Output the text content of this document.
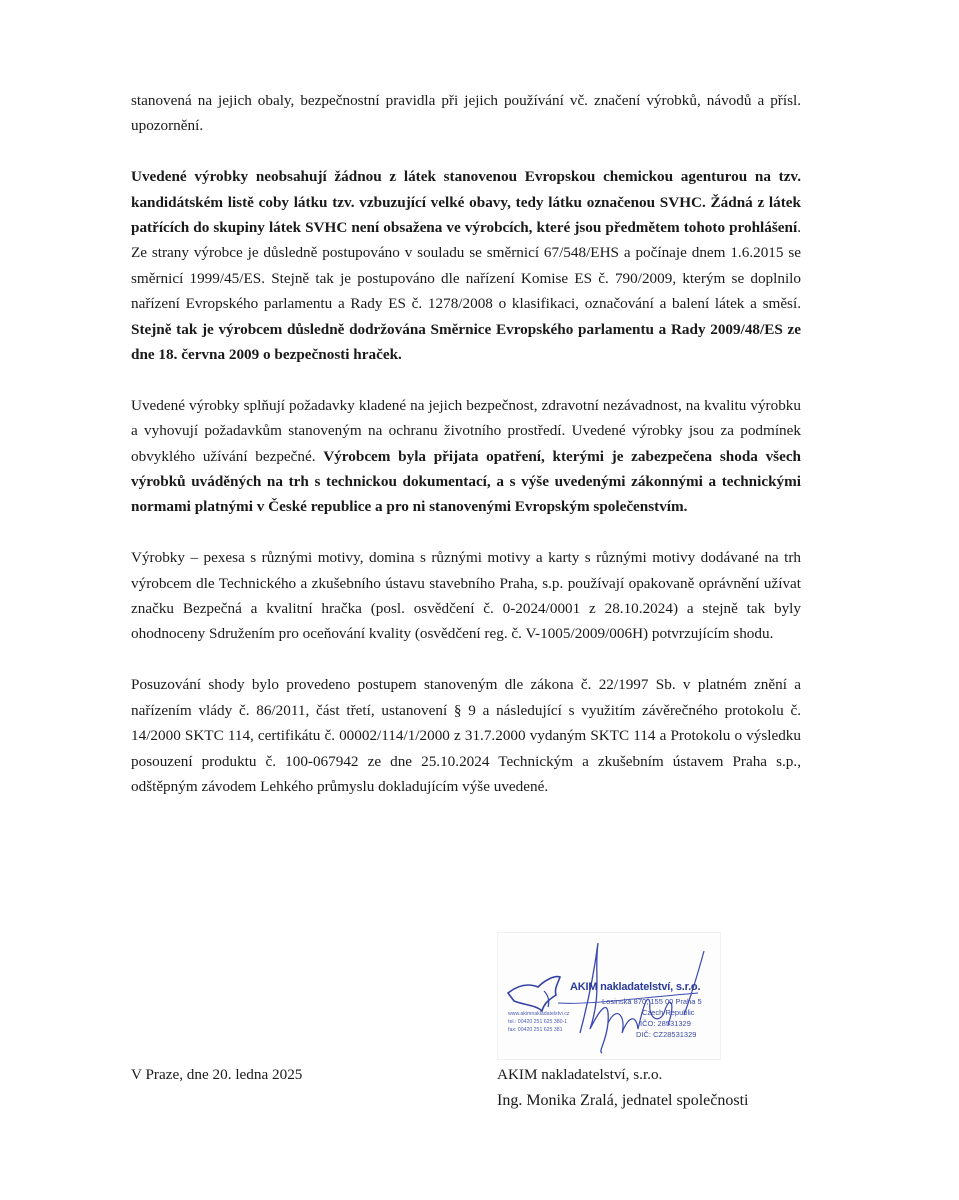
stanovená na jejich obaly, bezpečnostní pravidla při jejich používání vč. značení výrobků, návodů a přísl. upozornění.

Uvedené výrobky neobsahují žádnou z látek stanovenou Evropskou chemickou agenturou na tzv. kandidátském listě coby látku tzv. vzbuzující velké obavy, tedy látku označenou SVHC. Žádná z látek patřících do skupiny látek SVHC není obsažena ve výrobcích, které jsou předmětem tohoto prohlášení. Ze strany výrobce je důsledně postupováno v souladu se směrnicí 67/548/EHS a počínaje dnem 1.6.2015 se směrnicí 1999/45/ES. Stejně tak je postupováno dle nařízení Komise ES č. 790/2009, kterým se doplnilo nařízení Evropského parlamentu a Rady ES č. 1278/2008 o klasifikaci, označování a balení látek a směsí. Stejně tak je výrobcem důsledně dodržována Směrnice Evropského parlamentu a Rady 2009/48/ES ze dne 18. června 2009 o bezpečnosti hraček.

Uvedené výrobky splňují požadavky kladené na jejich bezpečnost, zdravotní nezávadnost, na kvalitu výrobku a vyhovují požadavkům stanoveným na ochranu životního prostředí. Uvedené výrobky jsou za podmínek obvyklého užívání bezpečné. Výrobcem byla přijata opatření, kterými je zabezpečena shoda všech výrobků uváděných na trh s technickou dokumentací, a s výše uvedenými zákonnými a technickými normami platnými v České republice a pro ni stanovenými Evropským společenstvím.

Výrobky – pexesa s různými motivy, domina s různými motivy a karty s různými motivy dodávané na trh výrobcem dle Technického a zkušebního ústavu stavebního Praha, s.p. používají opakovaně oprávnění užívat značku Bezpečná a kvalitní hračka (posl. osvědčení č. 0-2024/0001 z 28.10.2024) a stejně tak byly ohodnoceny Sdružením pro oceňování kvality (osvědčení reg. č. V-1005/2009/006H) potvrzujícím shodu.

Posuzování shody bylo provedeno postupem stanoveným dle zákona č. 22/1997 Sb. v platném znění a nařízením vlády č. 86/2011, část třetí, ustanovení § 9 a následující s využitím závěrečného protokolu č. 14/2000 SKTC 114, certifikátu č. 00002/114/1/2000 z 31.7.2000 vydaným SKTC 114 a Protokolu o výsledku posouzení produktu č. 100-067942 ze dne 25.10.2024 Technickým a zkušebním ústavem Praha s.p., odštěpným závodem Lehkého průmyslu dokladujícím výše uvedené.

AKIM nakladatelství, s.r.o.
Losinská 870, 155 00 Praha 5
Czech Republic
IČO: 28531329
DIČ: CZ28531329
www.akimnakladatelstvi.cz
tel.: 00420 251 625 380-1
fax: 00420 251 625 381
V Praze, dne 20. ledna 2025	AKIM nakladatelství, s.r.o.
Ing. Monika Zralá, jednatel společnosti
